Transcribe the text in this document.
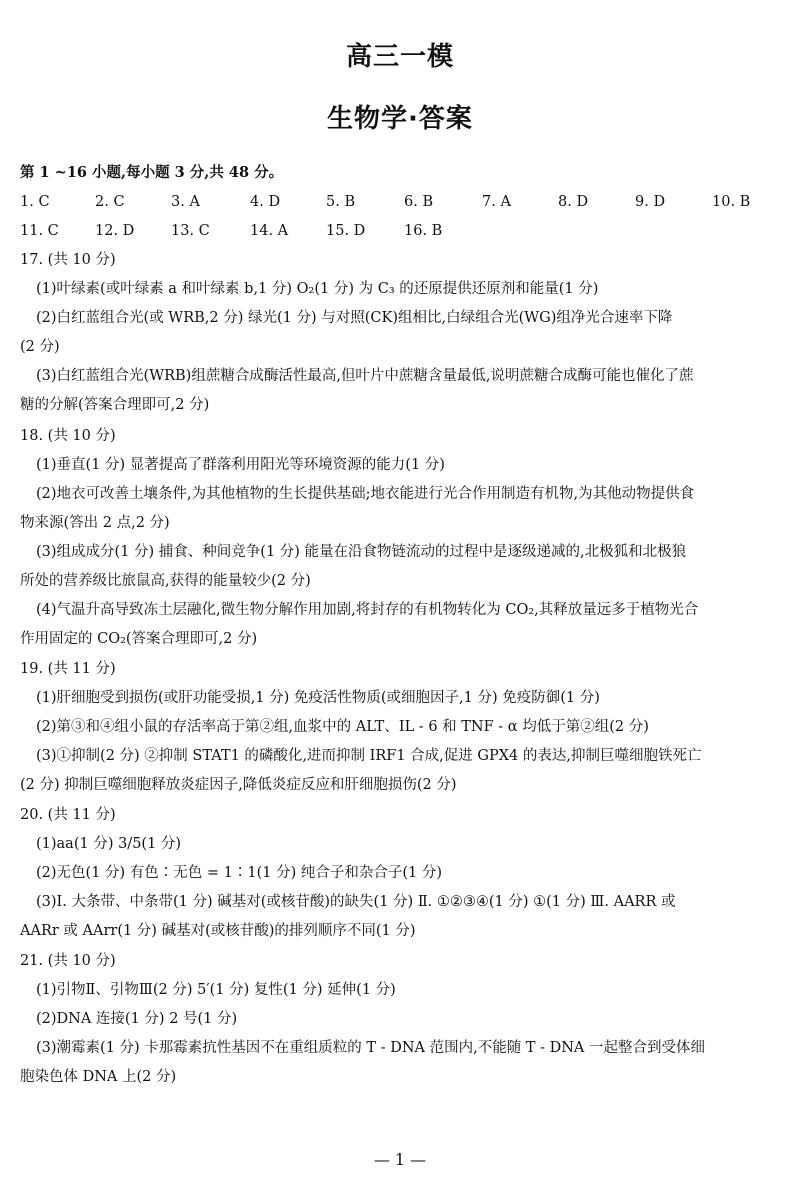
高三一模
生物学·答案
第 1 ~16 小题,每小题 3 分,共 48 分。
1. C	2. C	3. A	4. D	5. B	6. B	7. A	8. D	9. D	10. B
11. C 12. D	13. C	14. A	15. D	16. B
17. (共 10 分)
(1)叶绿素(或叶绿素 a 和叶绿素 b,1 分) O₂(1 分) 为 C₃ 的还原提供还原剂和能量(1 分)
(2)白红蓝组合光(或 WRB,2 分) 绿光(1 分) 与对照(CK)组相比,白绿组合光(WG)组净光合速率下降
(2 分)
(3)白红蓝组合光(WRB)组蔗糖合成酶活性最高,但叶片中蔗糖含量最低,说明蔗糖合成酶可能也催化了蔗
糖的分解(答案合理即可,2 分)
18. (共 10 分)
(1)垂直(1 分) 显著提高了群落利用阳光等环境资源的能力(1 分)
(2)地衣可改善土壤条件,为其他植物的生长提供基础;地衣能进行光合作用制造有机物,为其他动物提供食
物来源(答出 2 点,2 分)
(3)组成成分(1 分) 捕食、种间竞争(1 分) 能量在沿食物链流动的过程中是逐级递减的,北极狐和北极狼
所处的营养级比旅鼠高,获得的能量较少(2 分)
(4)气温升高导致冻土层融化,微生物分解作用加剧,将封存的有机物转化为 CO₂,其释放量远多于植物光合
作用固定的 CO₂(答案合理即可,2 分)
19. (共 11 分)
(1)肝细胞受到损伤(或肝功能受损,1 分) 免疫活性物质(或细胞因子,1 分) 免疫防御(1 分)
(2)第③和④组小鼠的存活率高于第②组,血浆中的 ALT、IL - 6 和 TNF - α 均低于第②组(2 分)
(3)①抑制(2 分) ②抑制 STAT1 的磷酸化,进而抑制 IRF1 合成,促进 GPX4 的表达,抑制巨噬细胞铁死亡
(2 分) 抑制巨噬细胞释放炎症因子,降低炎症反应和肝细胞损伤(2 分)
20. (共 11 分)
(1)aa(1 分) 3/5(1 分)
(2)无色(1 分) 有色∶无色 = 1∶1(1 分) 纯合子和杂合子(1 分)
(3)Ⅰ. 大条带、中条带(1 分) 碱基对(或核苷酸)的缺失(1 分) Ⅱ. ①②③④(1 分) ①(1 分) Ⅲ. AARR 或
AARr 或 AArr(1 分) 碱基对(或核苷酸)的排列顺序不同(1 分)
21. (共 10 分)
(1)引物Ⅱ、引物Ⅲ(2 分) 5′(1 分) 复性(1 分) 延伸(1 分)
(2)DNA 连接(1 分) 2 号(1 分)
(3)潮霉素(1 分) 卡那霉素抗性基因不在重组质粒的 T - DNA 范围内,不能随 T - DNA 一起整合到受体细
胞染色体 DNA 上(2 分)
— 1 —
